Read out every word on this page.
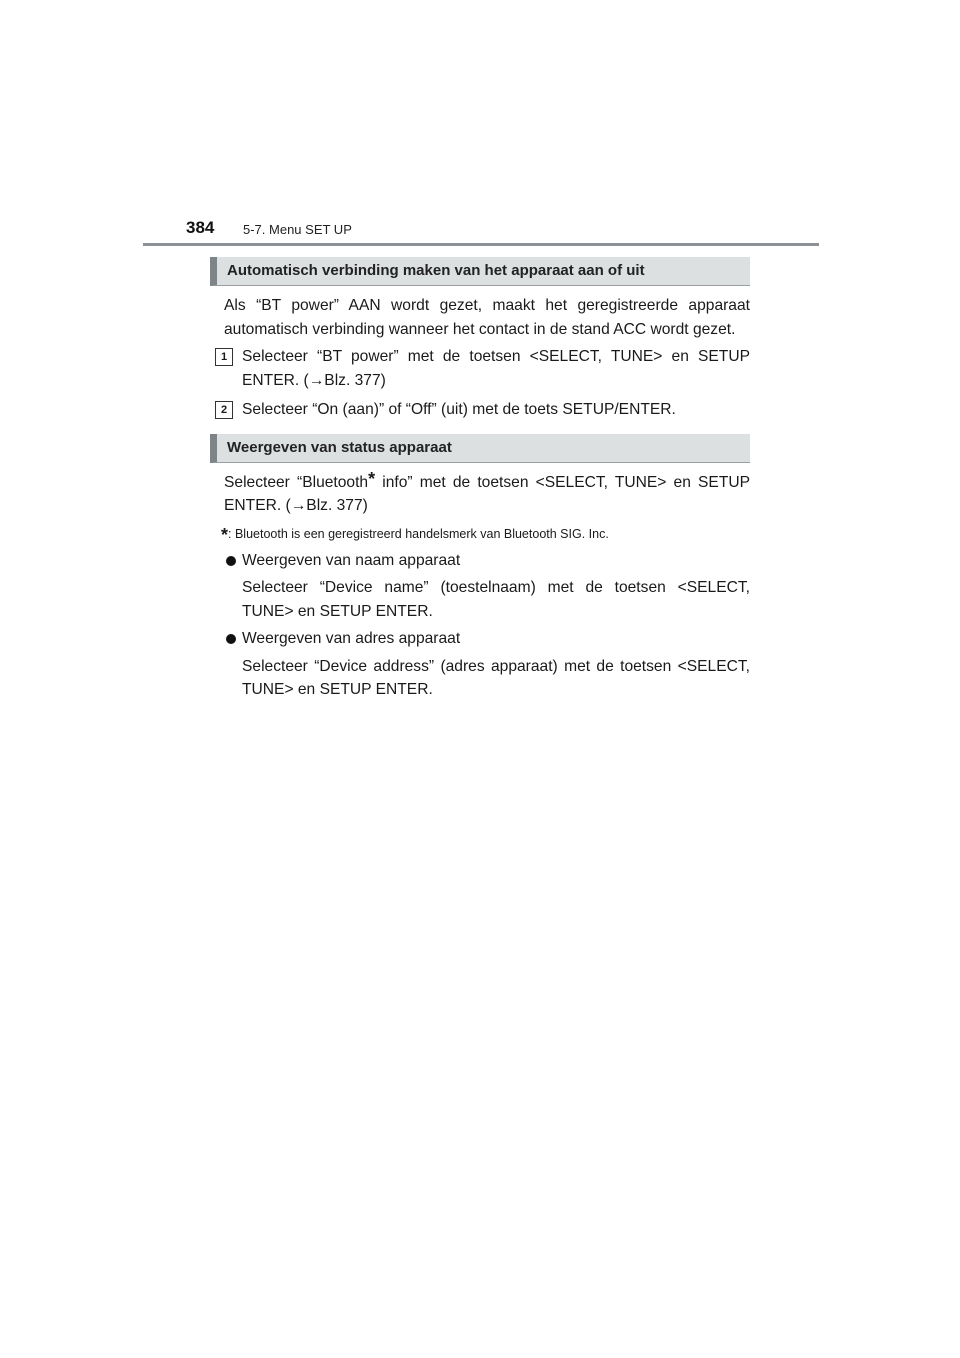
384 5-7. Menu SET UP
Automatisch verbinding maken van het apparaat aan of uit

Als “BT power” AAN wordt gezet, maakt het geregistreerde apparaat automatisch verbinding wanneer het contact in de stand ACC wordt gezet.

1 Selecteer “BT power” met de toetsen <SELECT, TUNE> en SETUP ENTER. (→Blz. 377)
2 Selecteer “On (aan)” of “Off” (uit) met de toets SETUP/ENTER.
Weergeven van status apparaat

Selecteer “Bluetooth* info” met de toetsen <SELECT, TUNE> en SETUP ENTER. (→Blz. 377)

*: Bluetooth is een geregistreerd handelsmerk van Bluetooth SIG. Inc.
Weergeven van naam apparaat
Selecteer “Device name” (toestelnaam) met de toetsen <SELECT, TUNE> en SETUP ENTER.
Weergeven van adres apparaat
Selecteer “Device address” (adres apparaat) met de toetsen <SELECT, TUNE> en SETUP ENTER.
